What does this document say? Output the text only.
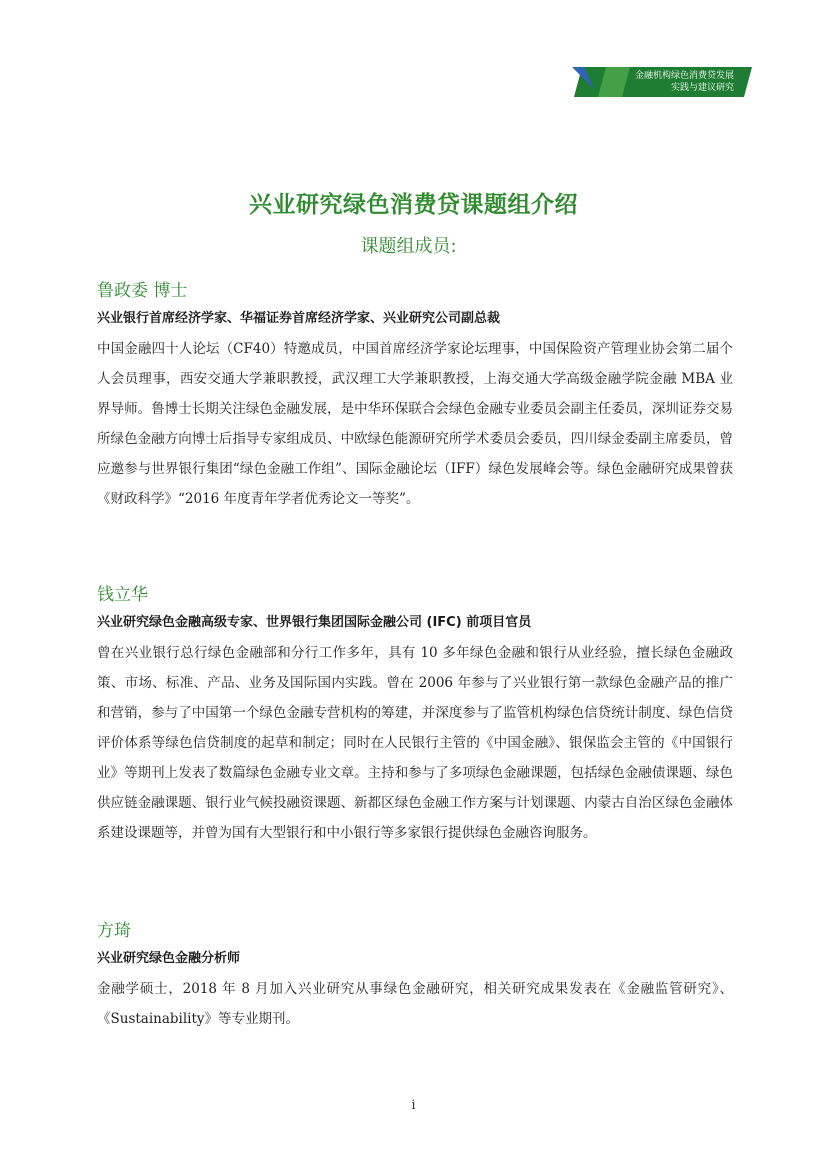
金融机构绿色消费贷发展
实践与建议研究
兴业研究绿色消费贷课题组介绍
课题组成员:
鲁政委 博士
兴业银行首席经济学家、华福证券首席经济学家、兴业研究公司副总裁
中国金融四十人论坛（CF40）特邀成员，中国首席经济学家论坛理事，中国保险资产管理业协会第二届个人会员理事，西安交通大学兼职教授，武汉理工大学兼职教授，上海交通大学高级金融学院金融 MBA 业界导师。鲁博士长期关注绿色金融发展，是中华环保联合会绿色金融专业委员会副主任委员，深圳证券交易所绿色金融方向博士后指导专家组成员、中欧绿色能源研究所学术委员会委员，四川绿金委副主席委员，曾应邀参与世界银行集团“绿色金融工作组”、国际金融论坛（IFF）绿色发展峰会等。绿色金融研究成果曾获《财政科学》“2016 年度青年学者优秀论文一等奖”。
钱立华
兴业研究绿色金融高级专家、世界银行集团国际金融公司 (IFC) 前项目官员
曾在兴业银行总行绿色金融部和分行工作多年，具有 10 多年绿色金融和银行从业经验，擅长绿色金融政策、市场、标准、产品、业务及国际国内实践。曾在 2006 年参与了兴业银行第一款绿色金融产品的推广和营销，参与了中国第一个绿色金融专营机构的筹建，并深度参与了监管机构绿色信贷统计制度、绿色信贷评价体系等绿色信贷制度的起草和制定；同时在人民银行主管的《中国金融》、银保监会主管的《中国银行业》等期刊上发表了数篇绿色金融专业文章。主持和参与了多项绿色金融课题，包括绿色金融债课题、绿色供应链金融课题、银行业气候投融资课题、新都区绿色金融工作方案与计划课题、内蒙古自治区绿色金融体系建设课题等，并曾为国有大型银行和中小银行等多家银行提供绿色金融咨询服务。
方琦
兴业研究绿色金融分析师
金融学硕士，2018 年 8 月加入兴业研究从事绿色金融研究，相关研究成果发表在《金融监管研究》、《Sustainability》等专业期刊。
i
